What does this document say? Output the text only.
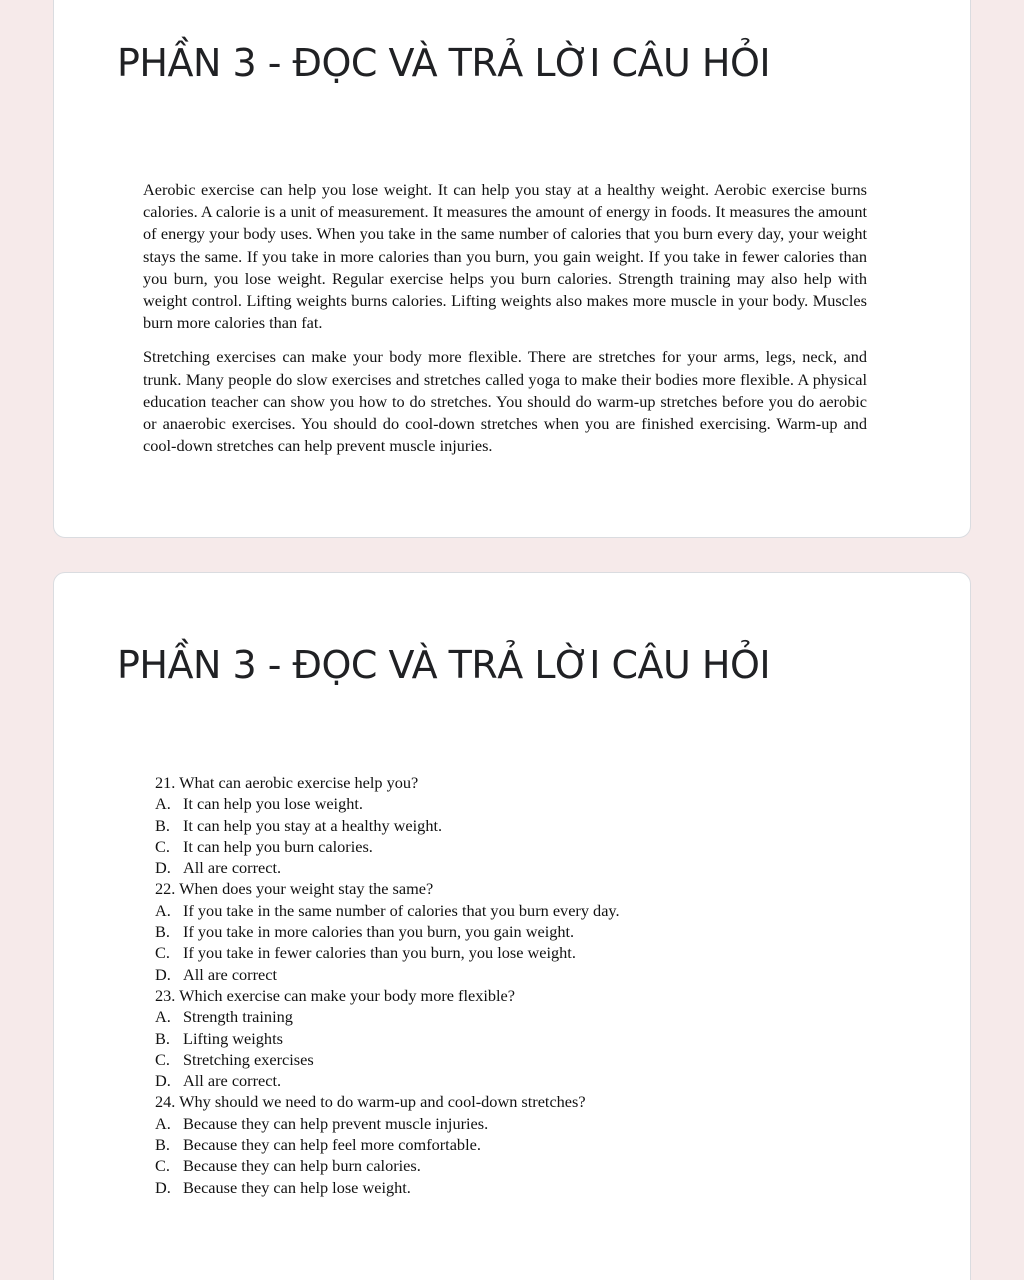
PHẦN 3 - ĐỌC VÀ TRẢ LỜI CÂU HỎI

Aerobic exercise can help you lose weight. It can help you stay at a healthy weight. Aerobic exercise burns calories. A calorie is a unit of measurement. It measures the amount of energy in foods. It measures the amount of energy your body uses. When you take in the same number of calories that you burn every day, your weight stays the same. If you take in more calories than you burn, you gain weight. If you take in fewer calories than you burn, you lose weight. Regular exercise helps you burn calories. Strength training may also help with weight control. Lifting weights burns calories. Lifting weights also makes more muscle in your body. Muscles burn more calories than fat.

Stretching exercises can make your body more flexible. There are stretches for your arms, legs, neck, and trunk. Many people do slow exercises and stretches called yoga to make their bodies more flexible. A physical education teacher can show you how to do stretches. You should do warm-up stretches before you do aerobic or anaerobic exercises. You should do cool-down stretches when you are finished exercising. Warm-up and cool-down stretches can help prevent muscle injuries.

PHẦN 3 - ĐỌC VÀ TRẢ LỜI CÂU HỎI
21. What can aerobic exercise help you?
A. It can help you lose weight.
B. It can help you stay at a healthy weight.
C. It can help you burn calories.
D. All are correct.
22. When does your weight stay the same?
A. If you take in the same number of calories that you burn every day.
B. If you take in more calories than you burn, you gain weight.
C. If you take in fewer calories than you burn, you lose weight.
D. All are correct
23. Which exercise can make your body more flexible?
A. Strength training
B. Lifting weights
C. Stretching exercises
D. All are correct.
24. Why should we need to do warm-up and cool-down stretches?
A. Because they can help prevent muscle injuries.
B. Because they can help feel more comfortable.
C. Because they can help burn calories.
D. Because they can help lose weight.
